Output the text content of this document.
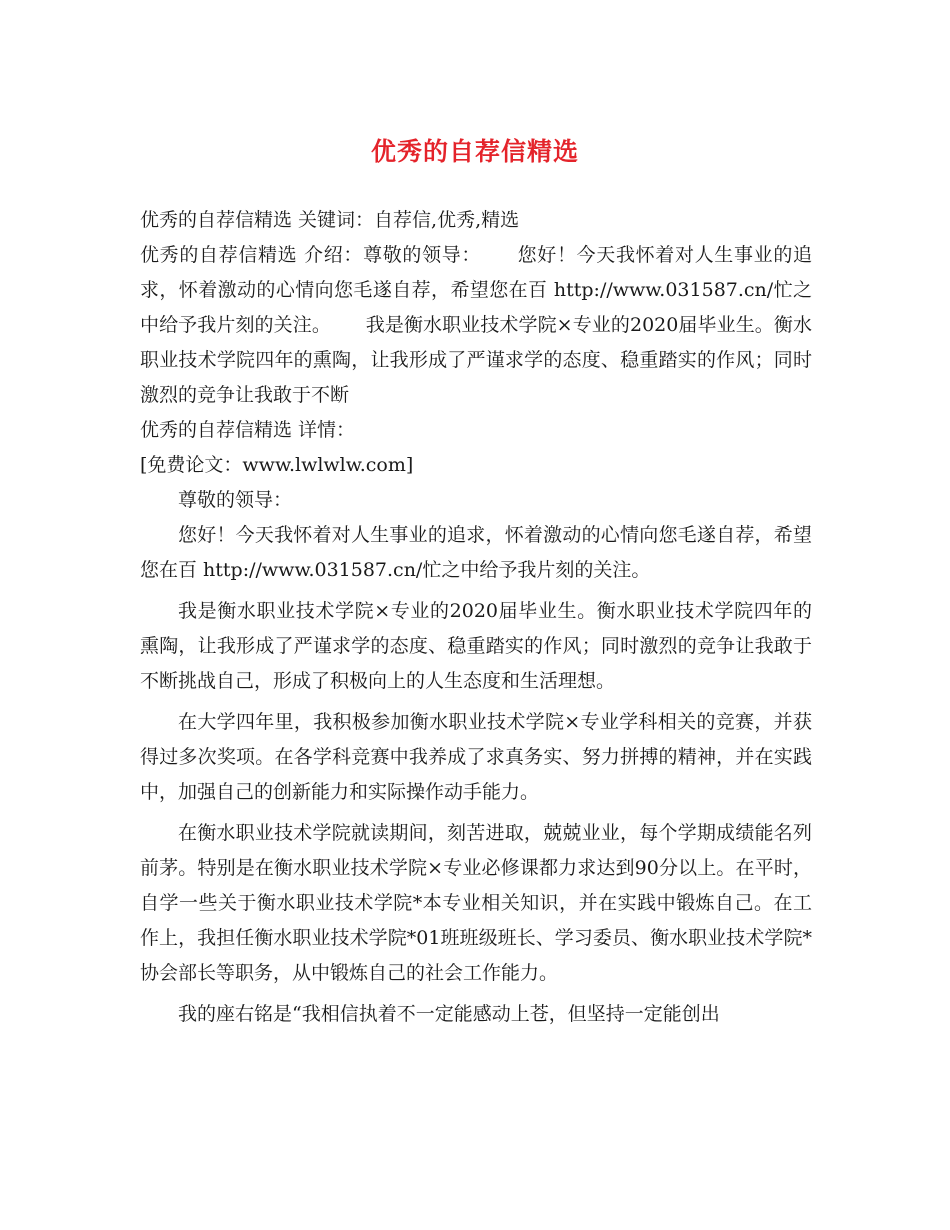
优秀的自荐信精选

优秀的自荐信精选 关键词：自荐信,优秀,精选

优秀的自荐信精选 介绍：尊敬的领导：　　 您好！今天我怀着对人生事业的追求，怀着激动的心情向您毛遂自荐，希望您在百 http://www.031587.cn/忙之中给予我片刻的关注。　　 我是衡水职业技术学院×专业的2020届毕业生。衡水职业技术学院四年的熏陶，让我形成了严谨求学的态度、稳重踏实的作风；同时激烈的竞争让我敢于不断

优秀的自荐信精选 详情：

[免费论文：www.lwlwlw.com]

尊敬的领导：

您好！今天我怀着对人生事业的追求，怀着激动的心情向您毛遂自荐，希望您在百 http://www.031587.cn/忙之中给予我片刻的关注。

我是衡水职业技术学院×专业的2020届毕业生。衡水职业技术学院四年的熏陶，让我形成了严谨求学的态度、稳重踏实的作风；同时激烈的竞争让我敢于不断挑战自己，形成了积极向上的人生态度和生活理想。

在大学四年里，我积极参加衡水职业技术学院×专业学科相关的竞赛，并获得过多次奖项。在各学科竞赛中我养成了求真务实、努力拼搏的精神，并在实践中，加强自己的创新能力和实际操作动手能力。

在衡水职业技术学院就读期间，刻苦进取，兢兢业业，每个学期成绩能名列前茅。特别是在衡水职业技术学院×专业必修课都力求达到90分以上。在平时，自学一些关于衡水职业技术学院*本专业相关知识，并在实践中锻炼自己。在工作上，我担任衡水职业技术学院*01班班级班长、学习委员、衡水职业技术学院*协会部长等职务，从中锻炼自己的社会工作能力。

我的座右铭是“我相信执着不一定能感动上苍，但坚持一定能创出
